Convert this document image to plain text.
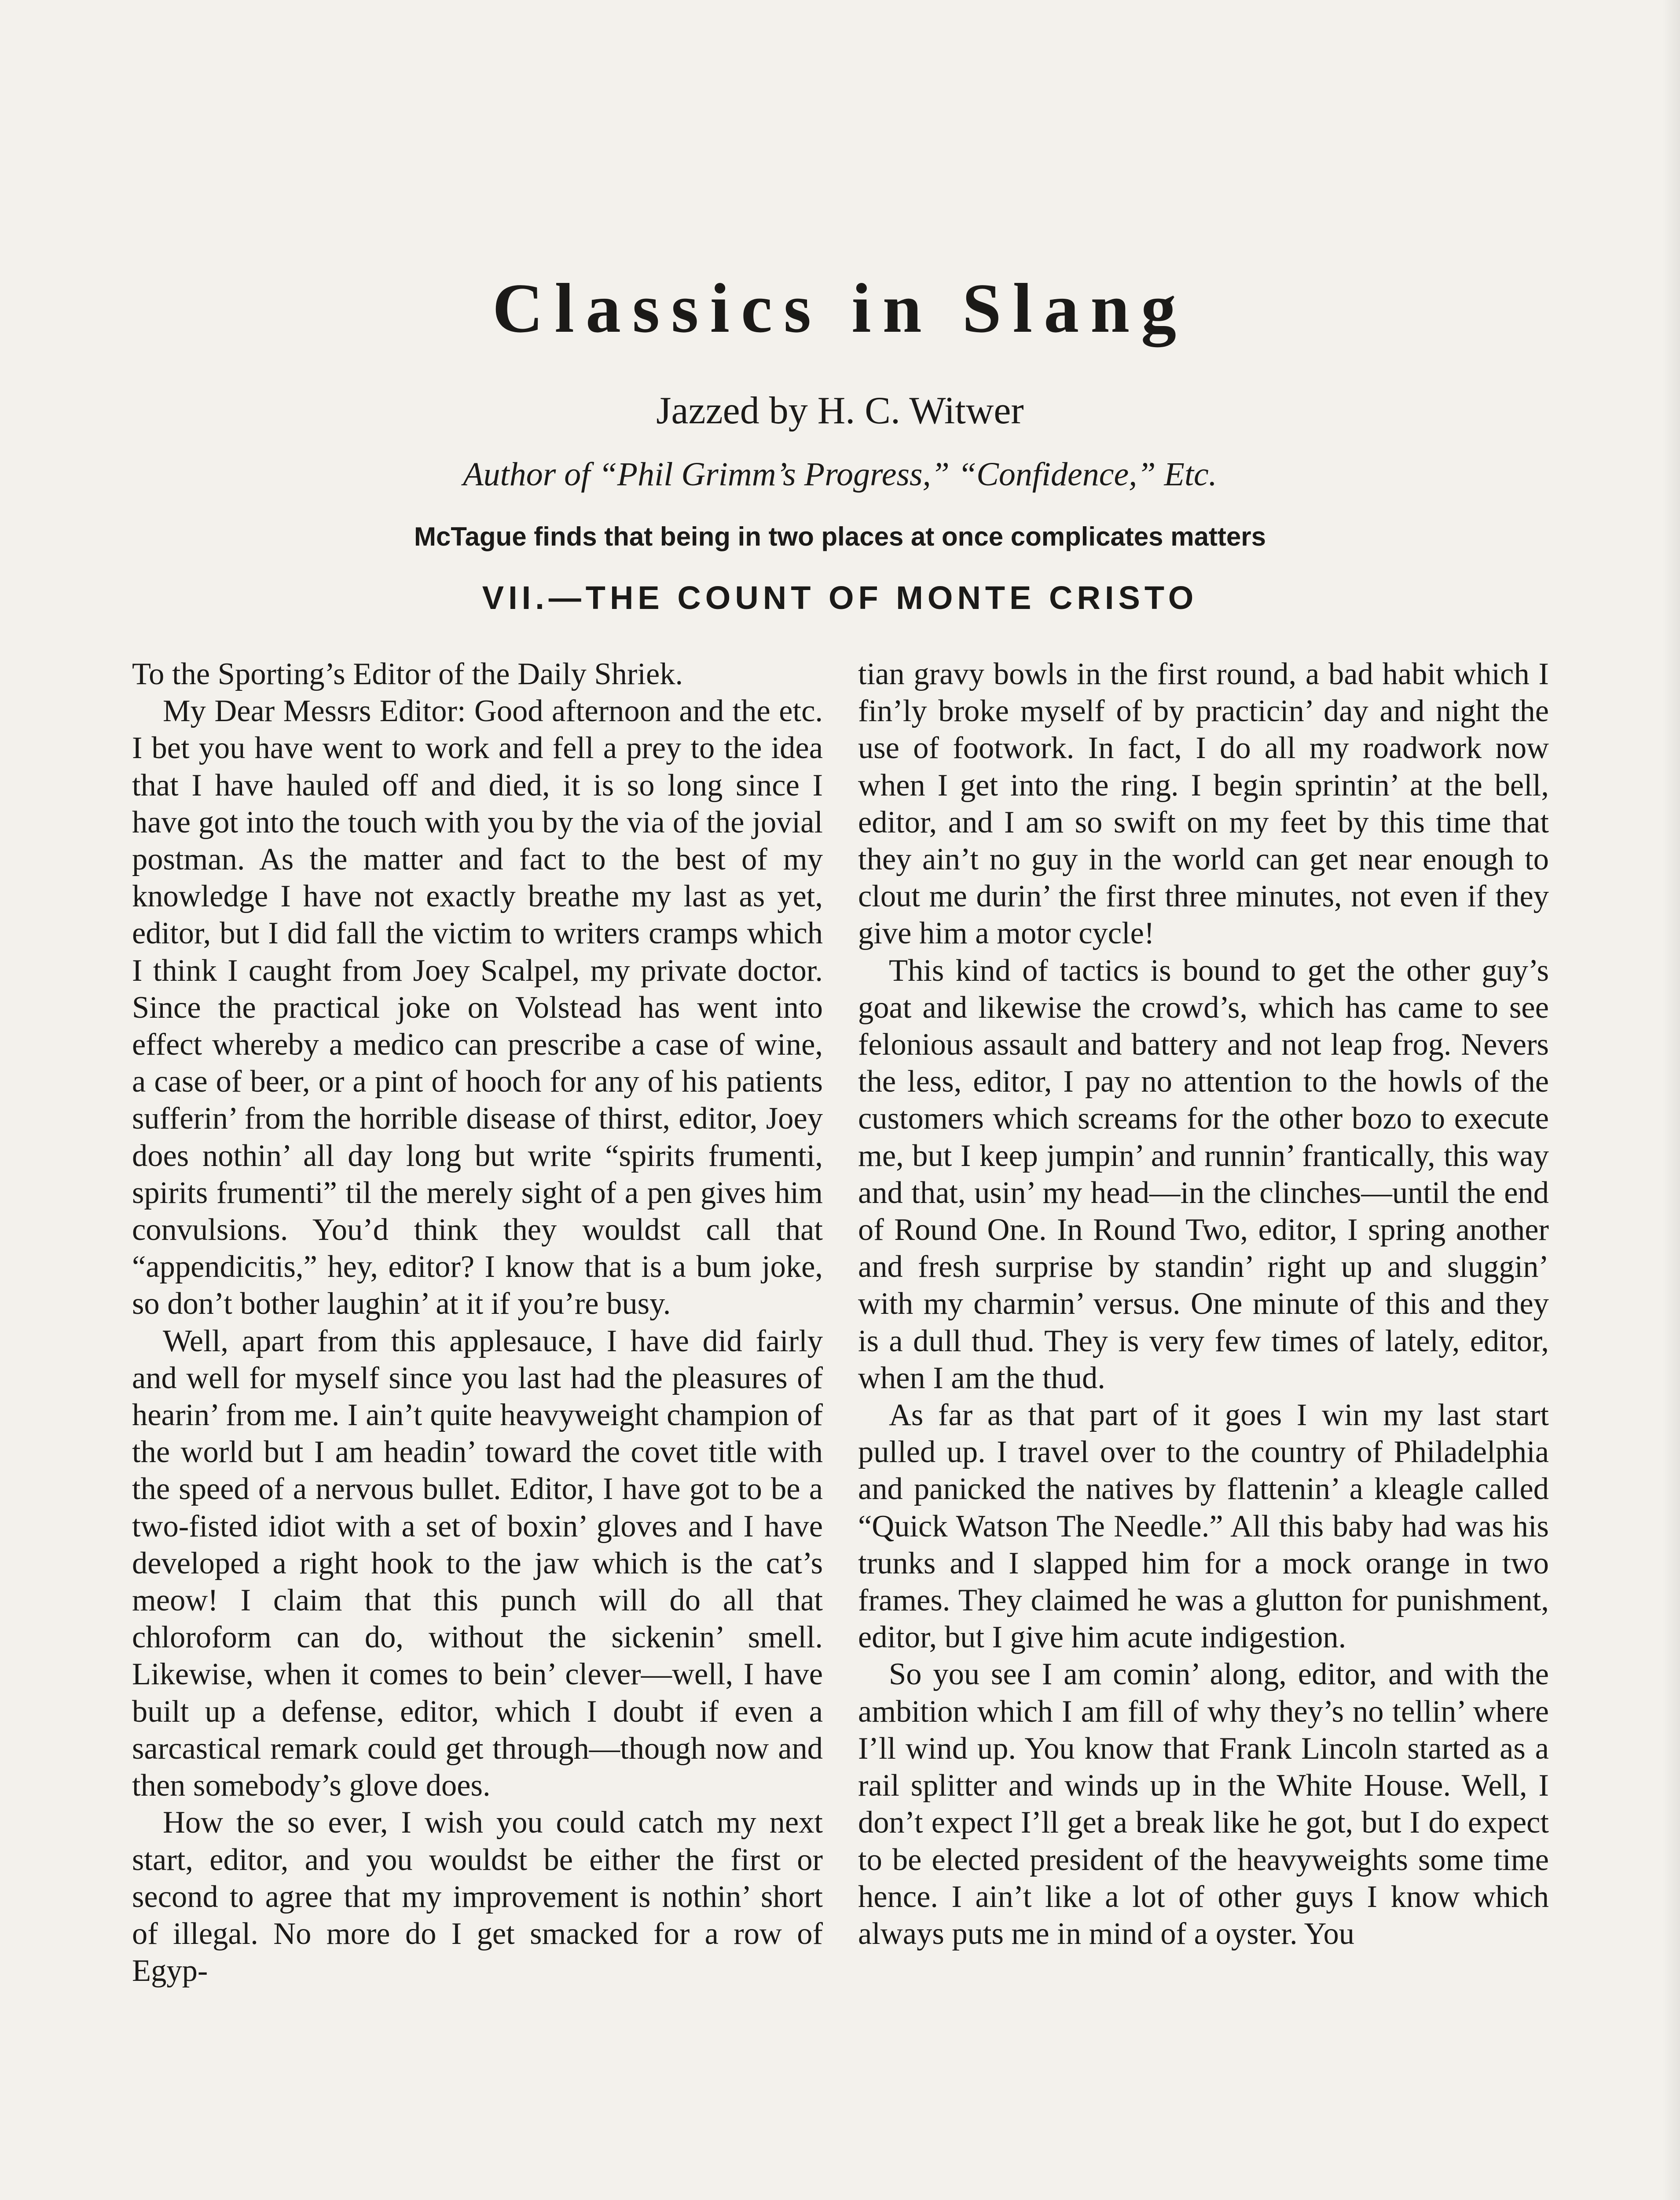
Classics in Slang
Jazzed by H. C. Witwer
Author of “Phil Grimm’s Progress,” “Confidence,” Etc.
McTague finds that being in two places at once complicates matters
VII.—THE COUNT OF MONTE CRISTO

To the Sporting’s Editor of the Daily Shriek.

My Dear Messrs Editor: Good afternoon and the etc. I bet you have went to work and fell a prey to the idea that I have hauled off and died, it is so long since I have got into the touch with you by the via of the jovial postman. As the matter and fact to the best of my knowledge I have not exactly breathe my last as yet, editor, but I did fall the victim to writers cramps which I think I caught from Joey Scalpel, my private doctor. Since the practical joke on Volstead has went into effect whereby a medico can prescribe a case of wine, a case of beer, or a pint of hooch for any of his patients sufferin’ from the horrible disease of thirst, editor, Joey does nothin’ all day long but write “spirits frumenti, spirits frumenti” til the merely sight of a pen gives him convulsions. You’d think they wouldst call that “appendicitis,” hey, editor? I know that is a bum joke, so don’t bother laughin’ at it if you’re busy.

Well, apart from this applesauce, I have did fairly and well for myself since you last had the pleasures of hearin’ from me. I ain’t quite heavyweight champion of the world but I am headin’ toward the covet title with the speed of a nervous bullet. Editor, I have got to be a two-fisted idiot with a set of boxin’ gloves and I have developed a right hook to the jaw which is the cat’s meow! I claim that this punch will do all that chloroform can do, without the sickenin’ smell. Likewise, when it comes to bein’ clever—well, I have built up a defense, editor, which I doubt if even a sarcastical remark could get through—though now and then somebody’s glove does.

How the so ever, I wish you could catch my next start, editor, and you wouldst be either the first or second to agree that my improvement is nothin’ short of illegal. No more do I get smacked for a row of Egyp-

tian gravy bowls in the first round, a bad habit which I fin’ly broke myself of by practicin’ day and night the use of footwork. In fact, I do all my roadwork now when I get into the ring. I begin sprintin’ at the bell, editor, and I am so swift on my feet by this time that they ain’t no guy in the world can get near enough to clout me durin’ the first three minutes, not even if they give him a motor cycle!

This kind of tactics is bound to get the other guy’s goat and likewise the crowd’s, which has came to see felonious assault and battery and not leap frog. Nevers the less, editor, I pay no attention to the howls of the customers which screams for the other bozo to execute me, but I keep jumpin’ and runnin’ frantically, this way and that, usin’ my head—in the clinches—until the end of Round One. In Round Two, editor, I spring another and fresh surprise by standin’ right up and sluggin’ with my charmin’ versus. One minute of this and they is a dull thud. They is very few times of lately, editor, when I am the thud.

As far as that part of it goes I win my last start pulled up. I travel over to the country of Philadelphia and panicked the natives by flattenin’ a kleagle called “Quick Watson The Needle.” All this baby had was his trunks and I slapped him for a mock orange in two frames. They claimed he was a glutton for punishment, editor, but I give him acute indigestion.

So you see I am comin’ along, editor, and with the ambition which I am fill of why they’s no tellin’ where I’ll wind up. You know that Frank Lincoln started as a rail splitter and winds up in the White House. Well, I don’t expect I’ll get a break like he got, but I do expect to be elected president of the heavyweights some time hence. I ain’t like a lot of other guys I know which always puts me in mind of a oyster. You
